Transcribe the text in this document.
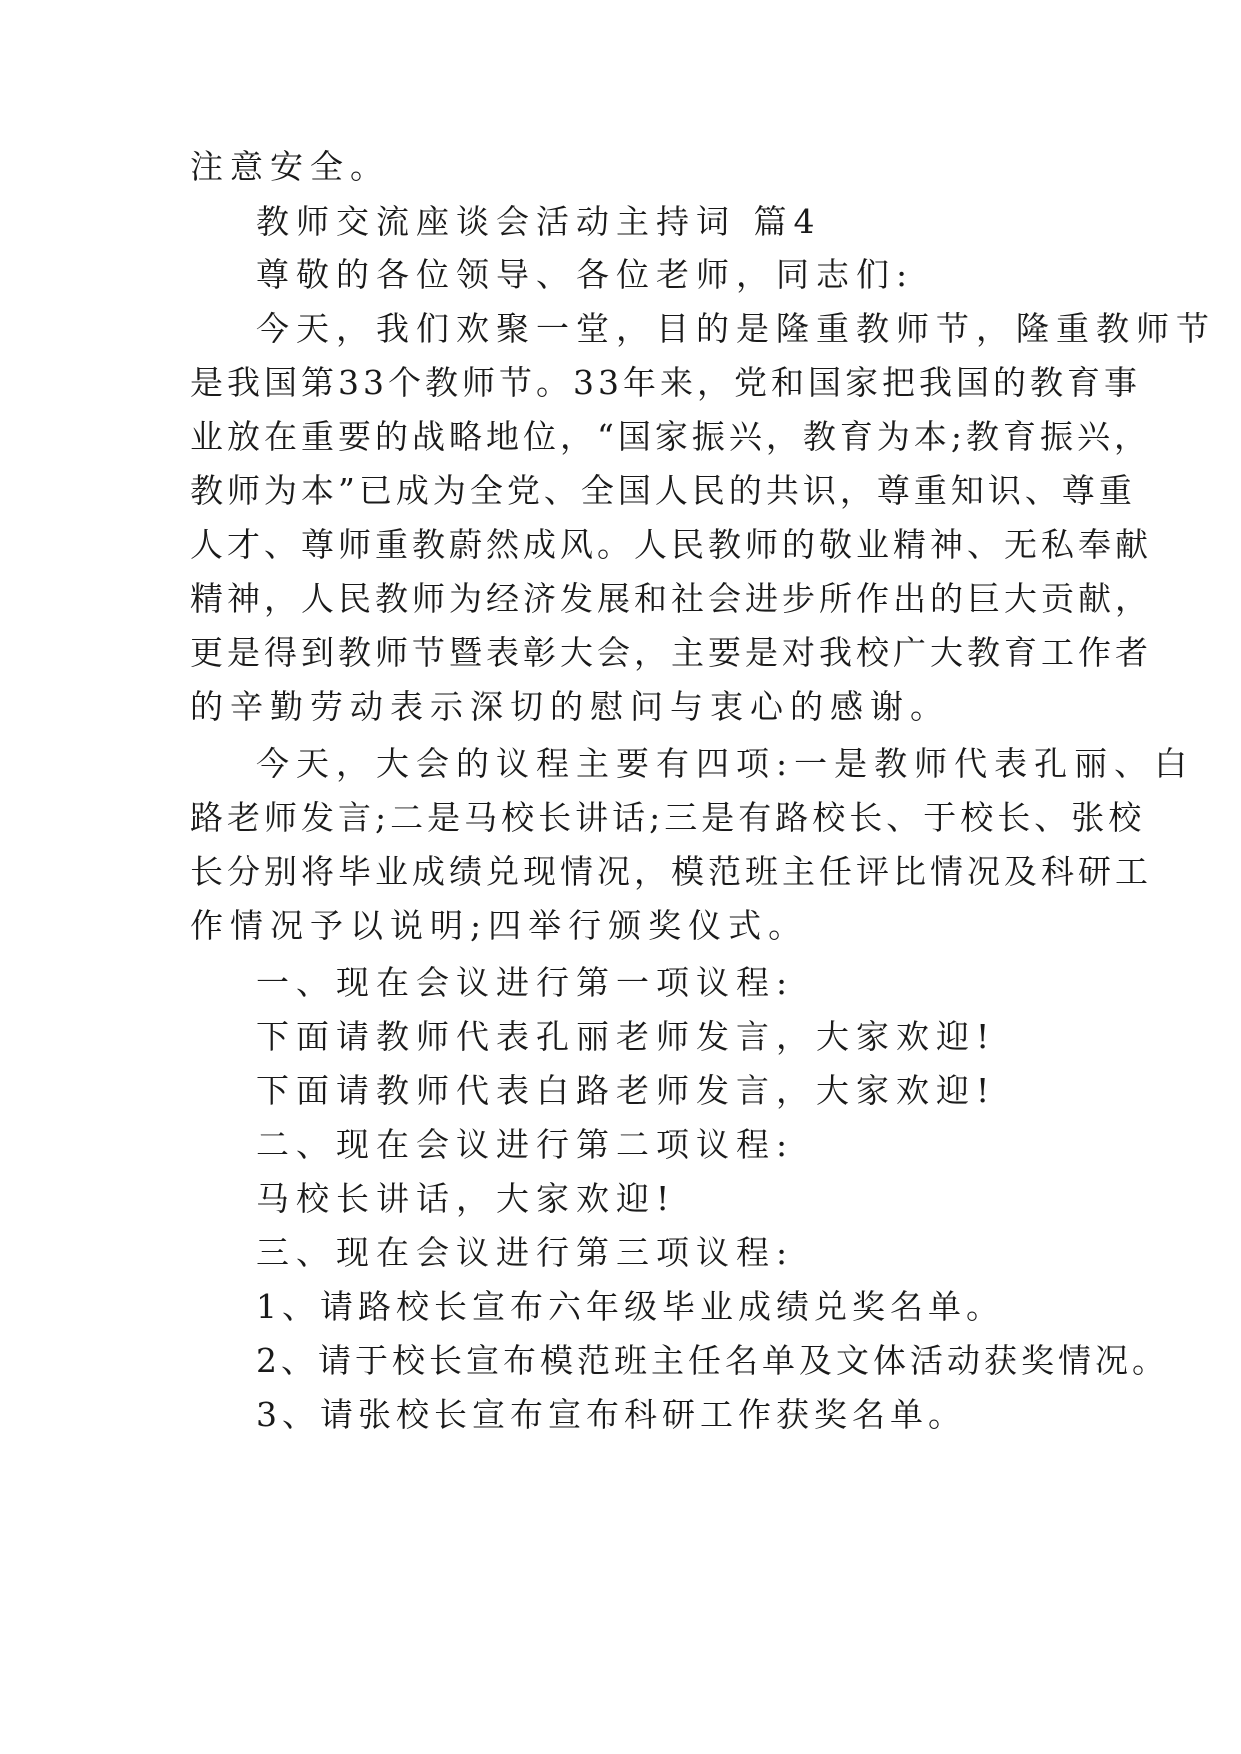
注意安全。
教师交流座谈会活动主持词 篇4
尊敬的各位领导、各位老师，同志们:
今天，我们欢聚一堂，目的是隆重教师节，隆重教师节
是我国第33个教师节。33年来，党和国家把我国的教育事
业放在重要的战略地位，“国家振兴，教育为本;教育振兴，
教师为本”已成为全党、全国人民的共识，尊重知识、尊重
人才、尊师重教蔚然成风。人民教师的敬业精神、无私奉献
精神，人民教师为经济发展和社会进步所作出的巨大贡献，
更是得到教师节暨表彰大会，主要是对我校广大教育工作者
的辛勤劳动表示深切的慰问与衷心的感谢。
今天，大会的议程主要有四项:一是教师代表孔丽、白
路老师发言;二是马校长讲话;三是有路校长、于校长、张校
长分别将毕业成绩兑现情况，模范班主任评比情况及科研工
作情况予以说明;四举行颁奖仪式。
一、现在会议进行第一项议程:
下面请教师代表孔丽老师发言，大家欢迎!
下面请教师代表白路老师发言，大家欢迎!
二、现在会议进行第二项议程:
马校长讲话，大家欢迎!
三、现在会议进行第三项议程:
1、请路校长宣布六年级毕业成绩兑奖名单。
2、请于校长宣布模范班主任名单及文体活动获奖情况。
3、请张校长宣布宣布科研工作获奖名单。
